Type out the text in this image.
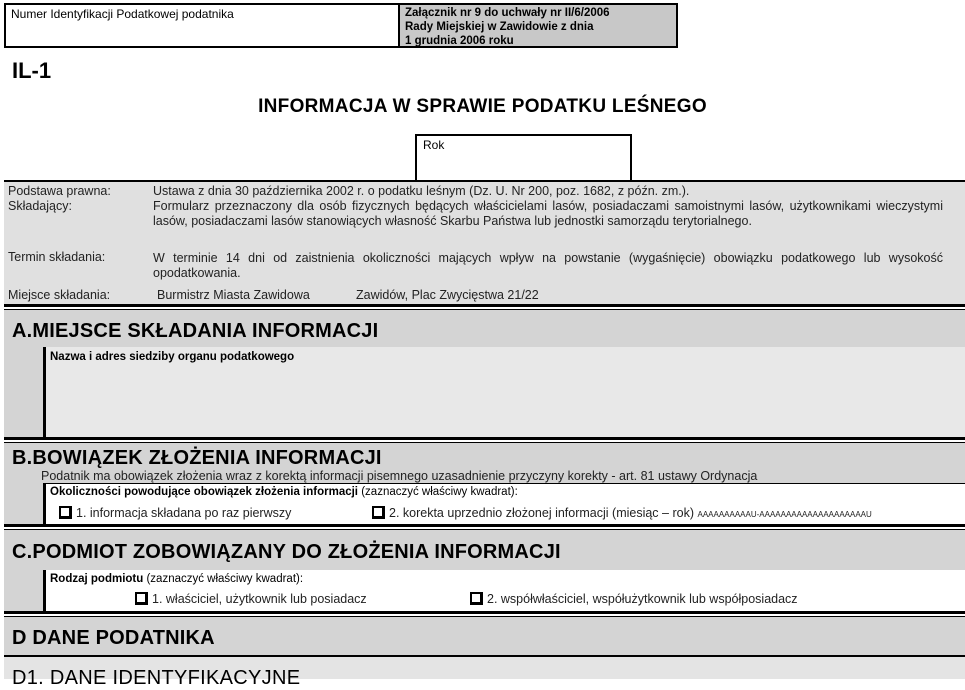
Numer Identyfikacji Podatkowej podatnika	Załącznik nr 9 do uchwały nr II/6/2006
Rady Miejskiej w Zawidowie z dnia
1 grudnia 2006 roku
IL-1
INFORMACJA W SPRAWIE PODATKU LEŚNEGO
Rok
Podstawa prawna:	Ustawa z dnia 30 października 2002 r. o podatku leśnym (Dz. U. Nr 200, poz. 1682, z późn. zm.).
Składający:	Formularz przeznaczony dla osób fizycznych będących właścicielami lasów, posiadaczami samoistnymi lasów, użytkownikami wieczystymi lasów, posiadaczami lasów stanowiących własność Skarbu Państwa lub jednostki samorządu terytorialnego.
Termin składania:	W terminie 14 dni od zaistnienia okoliczności mających wpływ na powstanie (wygaśnięcie) obowiązku podatkowego lub wysokość opodatkowania.
Miejsce składania:	Burmistrz Miasta Zawidowa	Zawidów, Plac Zwycięstwa 21/22
A.MIEJSCE SKŁADANIA INFORMACJI
Nazwa i adres siedziby organu podatkowego
B.BOWIĄZEK ZŁOŻENIA INFORMACJI
Podatnik ma obowiązek złożenia wraz z korektą informacji pisemnego uzasadnienie przyczyny korekty - art. 81 ustawy Ordynacja
Okoliczności powodujące obowiązek złożenia informacji (zaznaczyć właściwy kwadrat):
1. informacja składana po raz pierwszy	2. korekta uprzednio złożonej informacji (miesiąc – rok) AAAAAAAAAAU-AAAAAAAAAAAAAAAAAAAAU
C.PODMIOT ZOBOWIĄZANY DO ZŁOŻENIA INFORMACJI
Rodzaj podmiotu (zaznaczyć właściwy kwadrat):
1. właściciel, użytkownik lub posiadacz	2. współwłaściciel, współużytkownik lub współposiadacz
D DANE PODATNIKA
D1. DANE IDENTYFIKACYJNE
